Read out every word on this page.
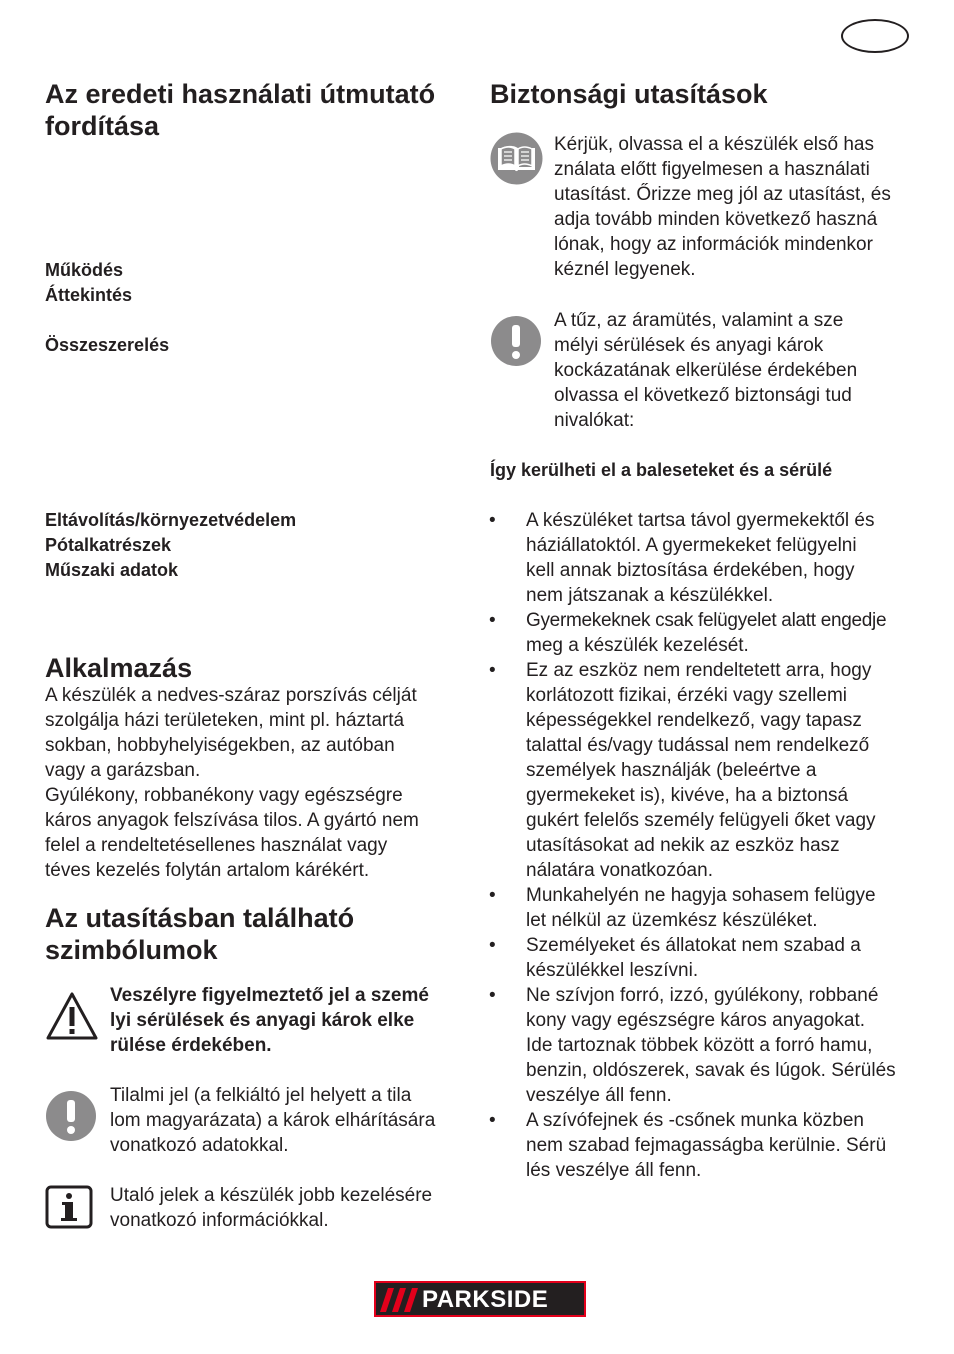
Az eredeti használati útmutató fordítása
Működés
Áttekintés
Összeszerelés
Eltávolítás/környezetvédelem
Pótalkatrészek
Műszaki adatok
Alkalmazás
A készülék a nedves-száraz porszívás célját
szolgálja házi területeken, mint pl. háztartá
sokban, hobbyhelyiségekben, az autóban
vagy a garázsban.
Gyúlékony, robbanékony vagy egészségre
káros anyagok felszívása tilos. A gyártó nem
felel a rendeltetésellenes használat vagy
téves kezelés folytán artalom kárékért.
Az utasításban található
szimbólumok
Veszélyre figyelmeztető jel a szemé
lyi sérülések és anyagi károk elke
rülése érdekében.
Tilalmi jel (a felkiáltó jel helyett a tila
lom magyarázata) a károk elhárítására
vonatkozó adatokkal.
Utaló jelek a készülék jobb kezelésére
vonatkozó információkkal.
Biztonsági utasítások
Kérjük, olvassa el a készülék első has
ználata előtt figyelmesen a használati
utasítást. Őrizze meg jól az utasítást, és
adja tovább minden következő haszná
lónak, hogy az információk mindenkor
kéznél legyenek.
A tűz, az áramütés, valamint a sze
mélyi sérülések és anyagi károk
kockázatának elkerülése érdekében
olvassa el következő biztonsági tud
nivalókat:
Így kerülheti el a baleseteket és a sérülé
• A készüléket tartsa távol gyermekektől és
háziállatoktól. A gyermekeket felügyelni
kell annak biztosítása érdekében, hogy
nem játszanak a készülékkel.
• Gyermekeknek csak felügyelet alatt engedje
meg a készülék kezelését.
• Ez az eszköz nem rendeltetett arra, hogy
korlátozott fizikai, érzéki vagy szellemi
képességekkel rendelkező, vagy tapasz
talattal és/vagy tudással nem rendelkező
személyek használják (beleértve a
gyermekeket is), kivéve, ha a biztonsá
gukért felelős személy felügyeli őket vagy
utasításokat ad nekik az eszköz hasz
nálatára vonatkozóan.
• Munkahelyén ne hagyja sohasem felügye
let nélkül az üzemkész készüléket.
• Személyeket és állatokat nem szabad a
készülékkel leszívni.
• Ne szívjon forró, izzó, gyúlékony, robbané
kony vagy egészségre káros anyagokat.
Ide tartoznak többek között a forró hamu,
benzin, oldószerek, savak és lúgok. Sérülés
veszélye áll fenn.
• A szívófejnek és -csőnek munka közben
nem szabad fejmagasságba kerülnie. Sérü
lés veszélye áll fenn.
PARKSIDE
